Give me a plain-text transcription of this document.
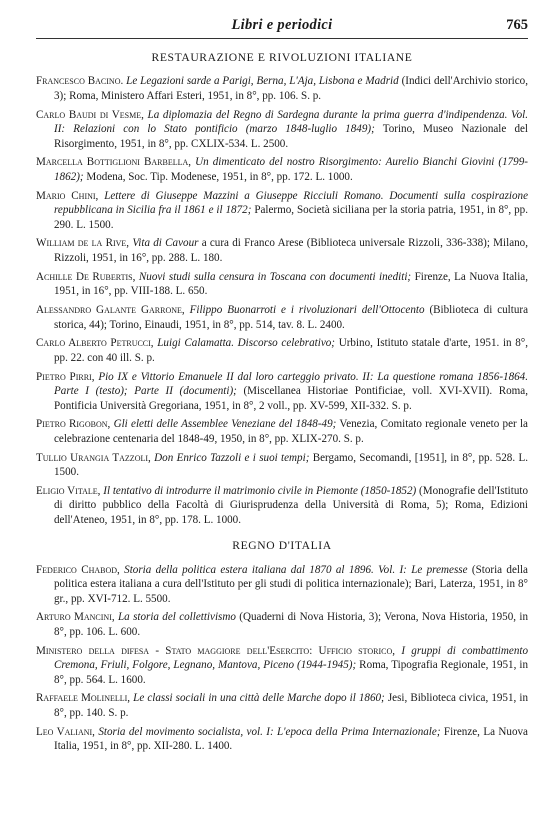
Libri e periodici	765
RESTAURAZIONE E RIVOLUZIONI ITALIANE

Francesco Bacino. Le Legazioni sarde a Parigi, Berna, L'Aja, Lisbona e Madrid (Indici dell'Archivio storico, 3); Roma, Ministero Affari Esteri, 1951, in 8°, pp. 106. S. p.

Carlo Baudi di Vesme, La diplomazia del Regno di Sardegna durante la prima guerra d'indipendenza. Vol. II: Relazioni con lo Stato pontificio (marzo 1848-luglio 1849); Torino, Museo Nazionale del Risorgimento, 1951, in 8°, pp. CXLIX-534. L. 2500.

Marcella Bottiglioni Barbella, Un dimenticato del nostro Risorgimento: Aurelio Bianchi Giovini (1799-1862); Modena, Soc. Tip. Modenese, 1951, in 8°, pp. 172. L. 1000.

Mario Chini, Lettere di Giuseppe Mazzini a Giuseppe Ricciuli Romano. Documenti sulla cospirazione repubblicana in Sicilia fra il 1861 e il 1872; Palermo, Società siciliana per la storia patria, 1951, in 8°, pp. 290. L. 1500.

William de la Rive, Vita di Cavour a cura di Franco Arese (Biblioteca universale Rizzoli, 336-338); Milano, Rizzoli, 1951, in 16°, pp. 288. L. 180.

Achille De Rubertis, Nuovi studi sulla censura in Toscana con documenti inediti; Firenze, La Nuova Italia, 1951, in 16°, pp. VIII-188. L. 650.

Alessandro Galante Garrone, Filippo Buonarroti e i rivoluzionari dell'Ottocento (Biblioteca di cultura storica, 44); Torino, Einaudi, 1951, in 8°, pp. 514, tav. 8. L. 2400.

Carlo Alberto Petrucci, Luigi Calamatta. Discorso celebrativo; Urbino, Istituto statale d'arte, 1951. in 8°, pp. 22. con 40 ill. S. p.

Pietro Pirri, Pio IX e Vittorio Emanuele II dal loro carteggio privato. II: La questione romana 1856-1864. Parte I (testo); Parte II (documenti); (Miscellanea Historiae Pontificiae, voll. XVI-XVII). Roma, Pontificia Università Gregoriana, 1951, in 8°, 2 voll., pp. XV-599, XII-332. S. p.

Pietro Rigobon, Gli eletti delle Assemblee Veneziane del 1848-49; Venezia, Comitato regionale veneto per la celebrazione centenaria del 1848-49, 1950, in 8°, pp. XLIX-270. S. p.

Tullio Urangia Tazzoli, Don Enrico Tazzoli e i suoi tempi; Bergamo, Secomandi, [1951], in 8°, pp. 528. L. 1500.

Eligio Vitale, Il tentativo di introdurre il matrimonio civile in Piemonte (1850-1852) (Monografie dell'Istituto di diritto pubblico della Facoltà di Giurisprudenza della Università di Roma, 5); Roma, Edizioni dell'Ateneo, 1951, in 8°, pp. 178. L. 1000.

REGNO D'ITALIA

Federico Chabod, Storia della politica estera italiana dal 1870 al 1896. Vol. I: Le premesse (Storia della politica estera italiana a cura dell'Istituto per gli studi di politica internazionale); Bari, Laterza, 1951, in 8° gr., pp. XVI-712. L. 5500.

Arturo Mancini, La storia del collettivismo (Quaderni di Nova Historia, 3); Verona, Nova Historia, 1950, in 8°, pp. 106. L. 600.

Ministero della difesa - Stato maggiore dell'Esercito: Ufficio storico, I gruppi di combattimento Cremona, Friuli, Folgore, Legnano, Mantova, Piceno (1944-1945); Roma, Tipografia Regionale, 1951, in 8°, pp. 564. L. 1600.

Raffaele Molinelli, Le classi sociali in una città delle Marche dopo il 1860; Jesi, Biblioteca civica, 1951, in 8°, pp. 140. S. p.

Leo Valiani, Storia del movimento socialista, vol. I: L'epoca della Prima Internazionale; Firenze, La Nuova Italia, 1951, in 8°, pp. XII-280. L. 1400.
